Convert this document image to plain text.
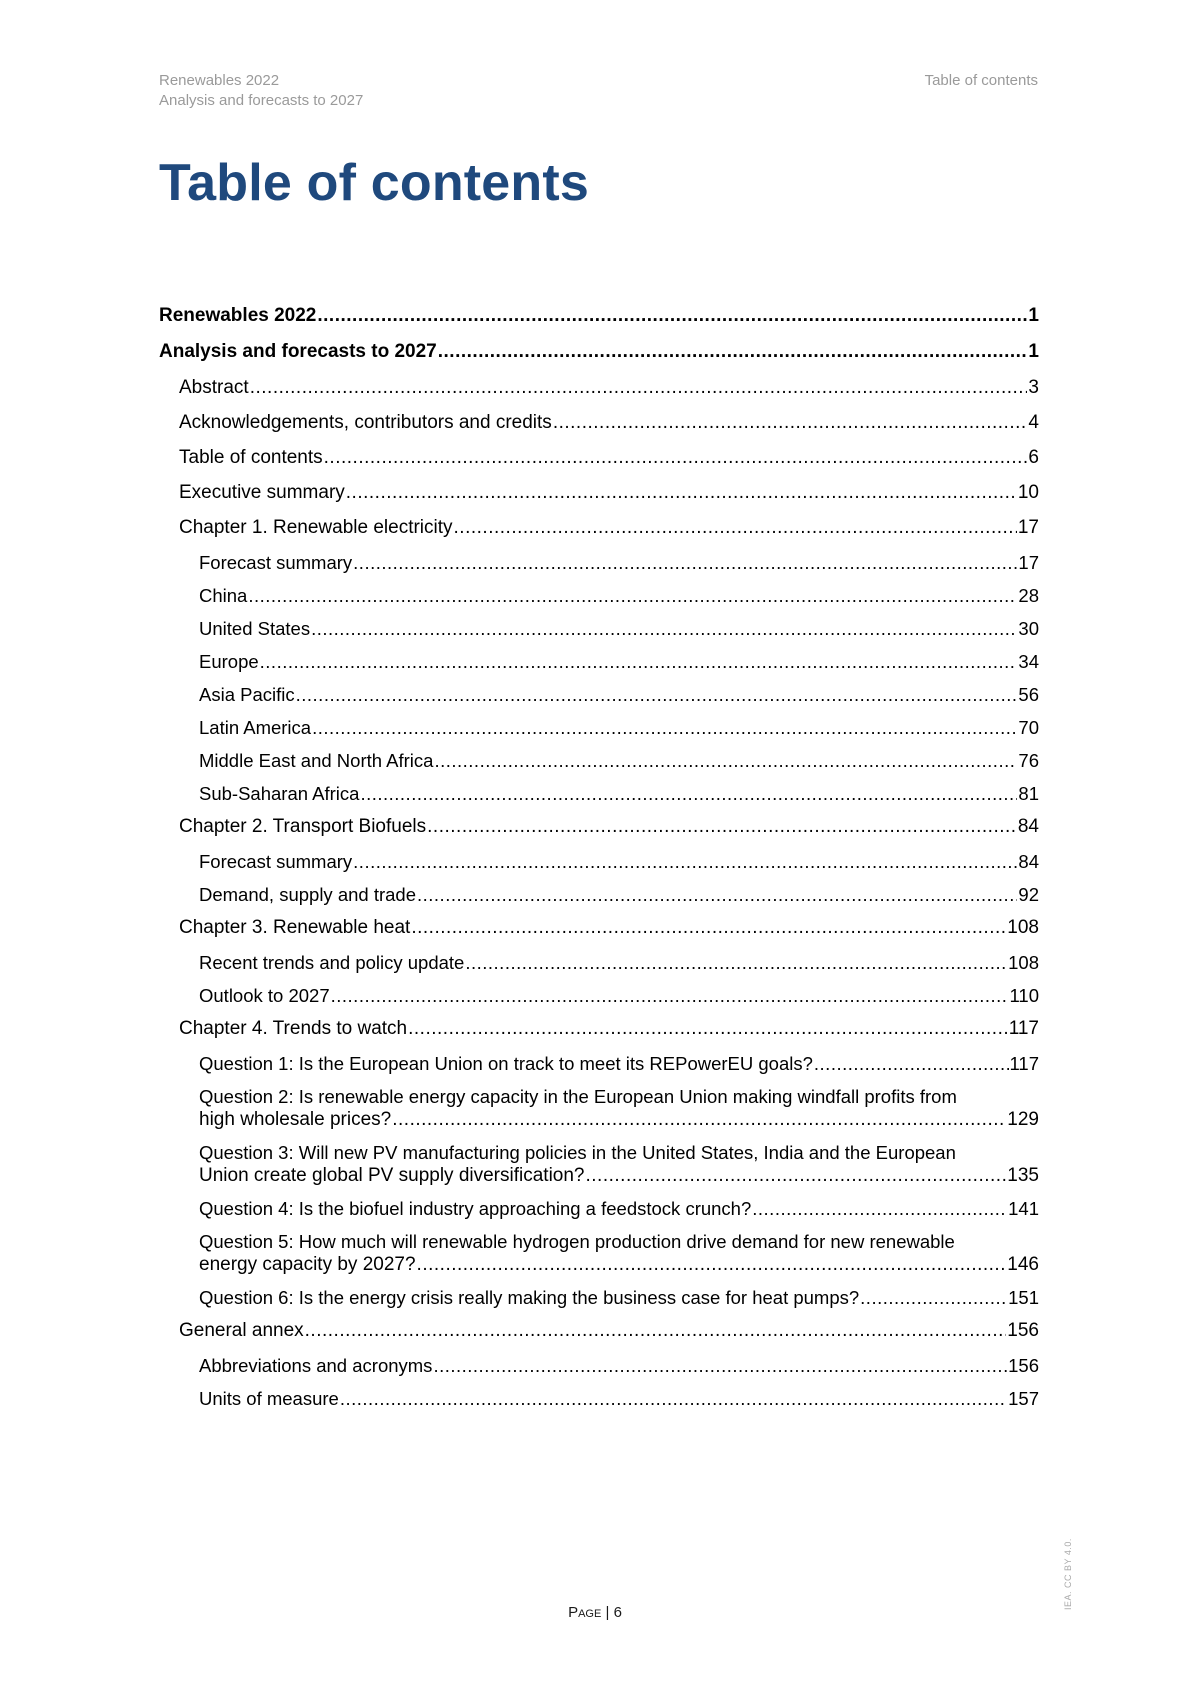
Renewables 2022
Analysis and forecasts to 2027
Table of contents
Table of contents
Renewables 2022 .....	1
Analysis and forecasts to 2027 .....	1
Abstract .....	3
Acknowledgements, contributors and credits .....	4
Table of contents .....	6
Executive summary .....	10
Chapter 1. Renewable electricity .....	17
Forecast summary .....	17
China .....	28
United States .....	30
Europe .....	34
Asia Pacific .....	56
Latin America .....	70
Middle East and North Africa .....	76
Sub-Saharan Africa .....	81
Chapter 2. Transport Biofuels .....	84
Forecast summary .....	84
Demand, supply and trade .....	92
Chapter 3. Renewable heat .....	108
Recent trends and policy update .....	108
Outlook to 2027 .....	110
Chapter 4. Trends to watch .....	117
Question 1: Is the European Union on track to meet its REPowerEU goals? .....	117
Question 2: Is renewable energy capacity in the European Union making windfall profits from
high wholesale prices? .....	129
Question 3: Will new PV manufacturing policies in the United States, India and the European
Union create global PV supply diversification? .....	135
Question 4: Is the biofuel industry approaching a feedstock crunch? .....	141
Question 5: How much will renewable hydrogen production drive demand for new renewable
energy capacity by 2027? .....	146
Question 6: Is the energy crisis really making the business case for heat pumps? .....	151
General annex .....	156
Abbreviations and acronyms .....	156
Units of measure .....	157
Page | 6
IEA. CC BY 4.0.
